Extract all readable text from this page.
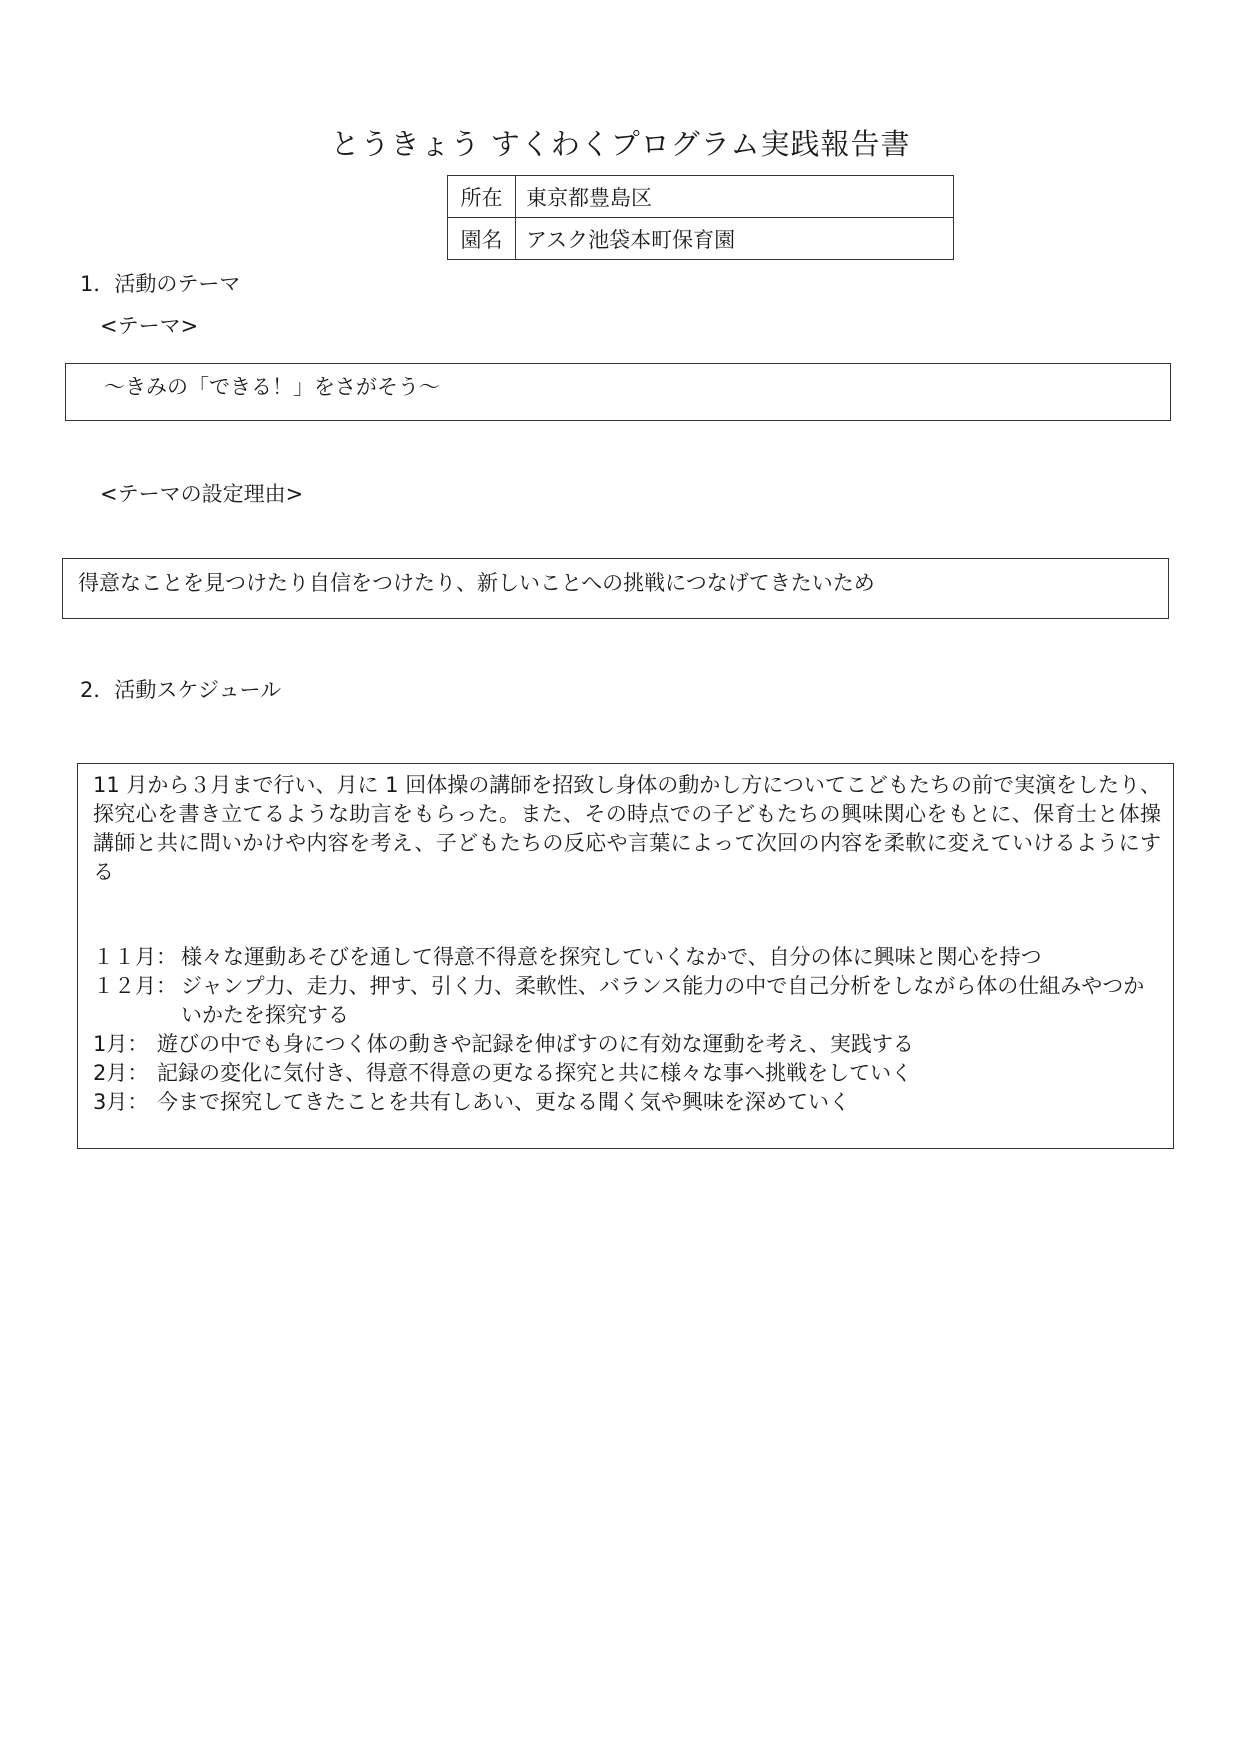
とうきょう すくわくプログラム実践報告書
所在	東京都豊島区
園名	アスク池袋本町保育園
1．活動のテーマ
<テーマ>
～きみの「できる！」をさがそう～
<テーマの設定理由>
得意なことを見つけたり自信をつけたり、新しいことへの挑戦につなげてきたいため
2．活動スケジュール

11 月から３月まで行い、月に 1 回体操の講師を招致し身体の動かし方についてこどもたちの前で実演をしたり、探究心を書き立てるような助言をもらった。また、その時点での子どもたちの興味関心をもとに、保育士と体操講師と共に問いかけや内容を考え、子どもたちの反応や言葉によって次回の内容を柔軟に変えていけるようにする

１１月： 様々な運動あそびを通して得意不得意を探究していくなかで、自分の体に興味と関心を持つ
１２月： ジャンプ力、走力、押す、引く力、柔軟性、バランス能力の中で自己分析をしながら体の仕組みやつかいかたを探究する
1月： 遊びの中でも身につく体の動きや記録を伸ばすのに有効な運動を考え、実践する
2月： 記録の変化に気付き、得意不得意の更なる探究と共に様々な事へ挑戦をしていく
3月： 今まで探究してきたことを共有しあい、更なる聞く気や興味を深めていく
